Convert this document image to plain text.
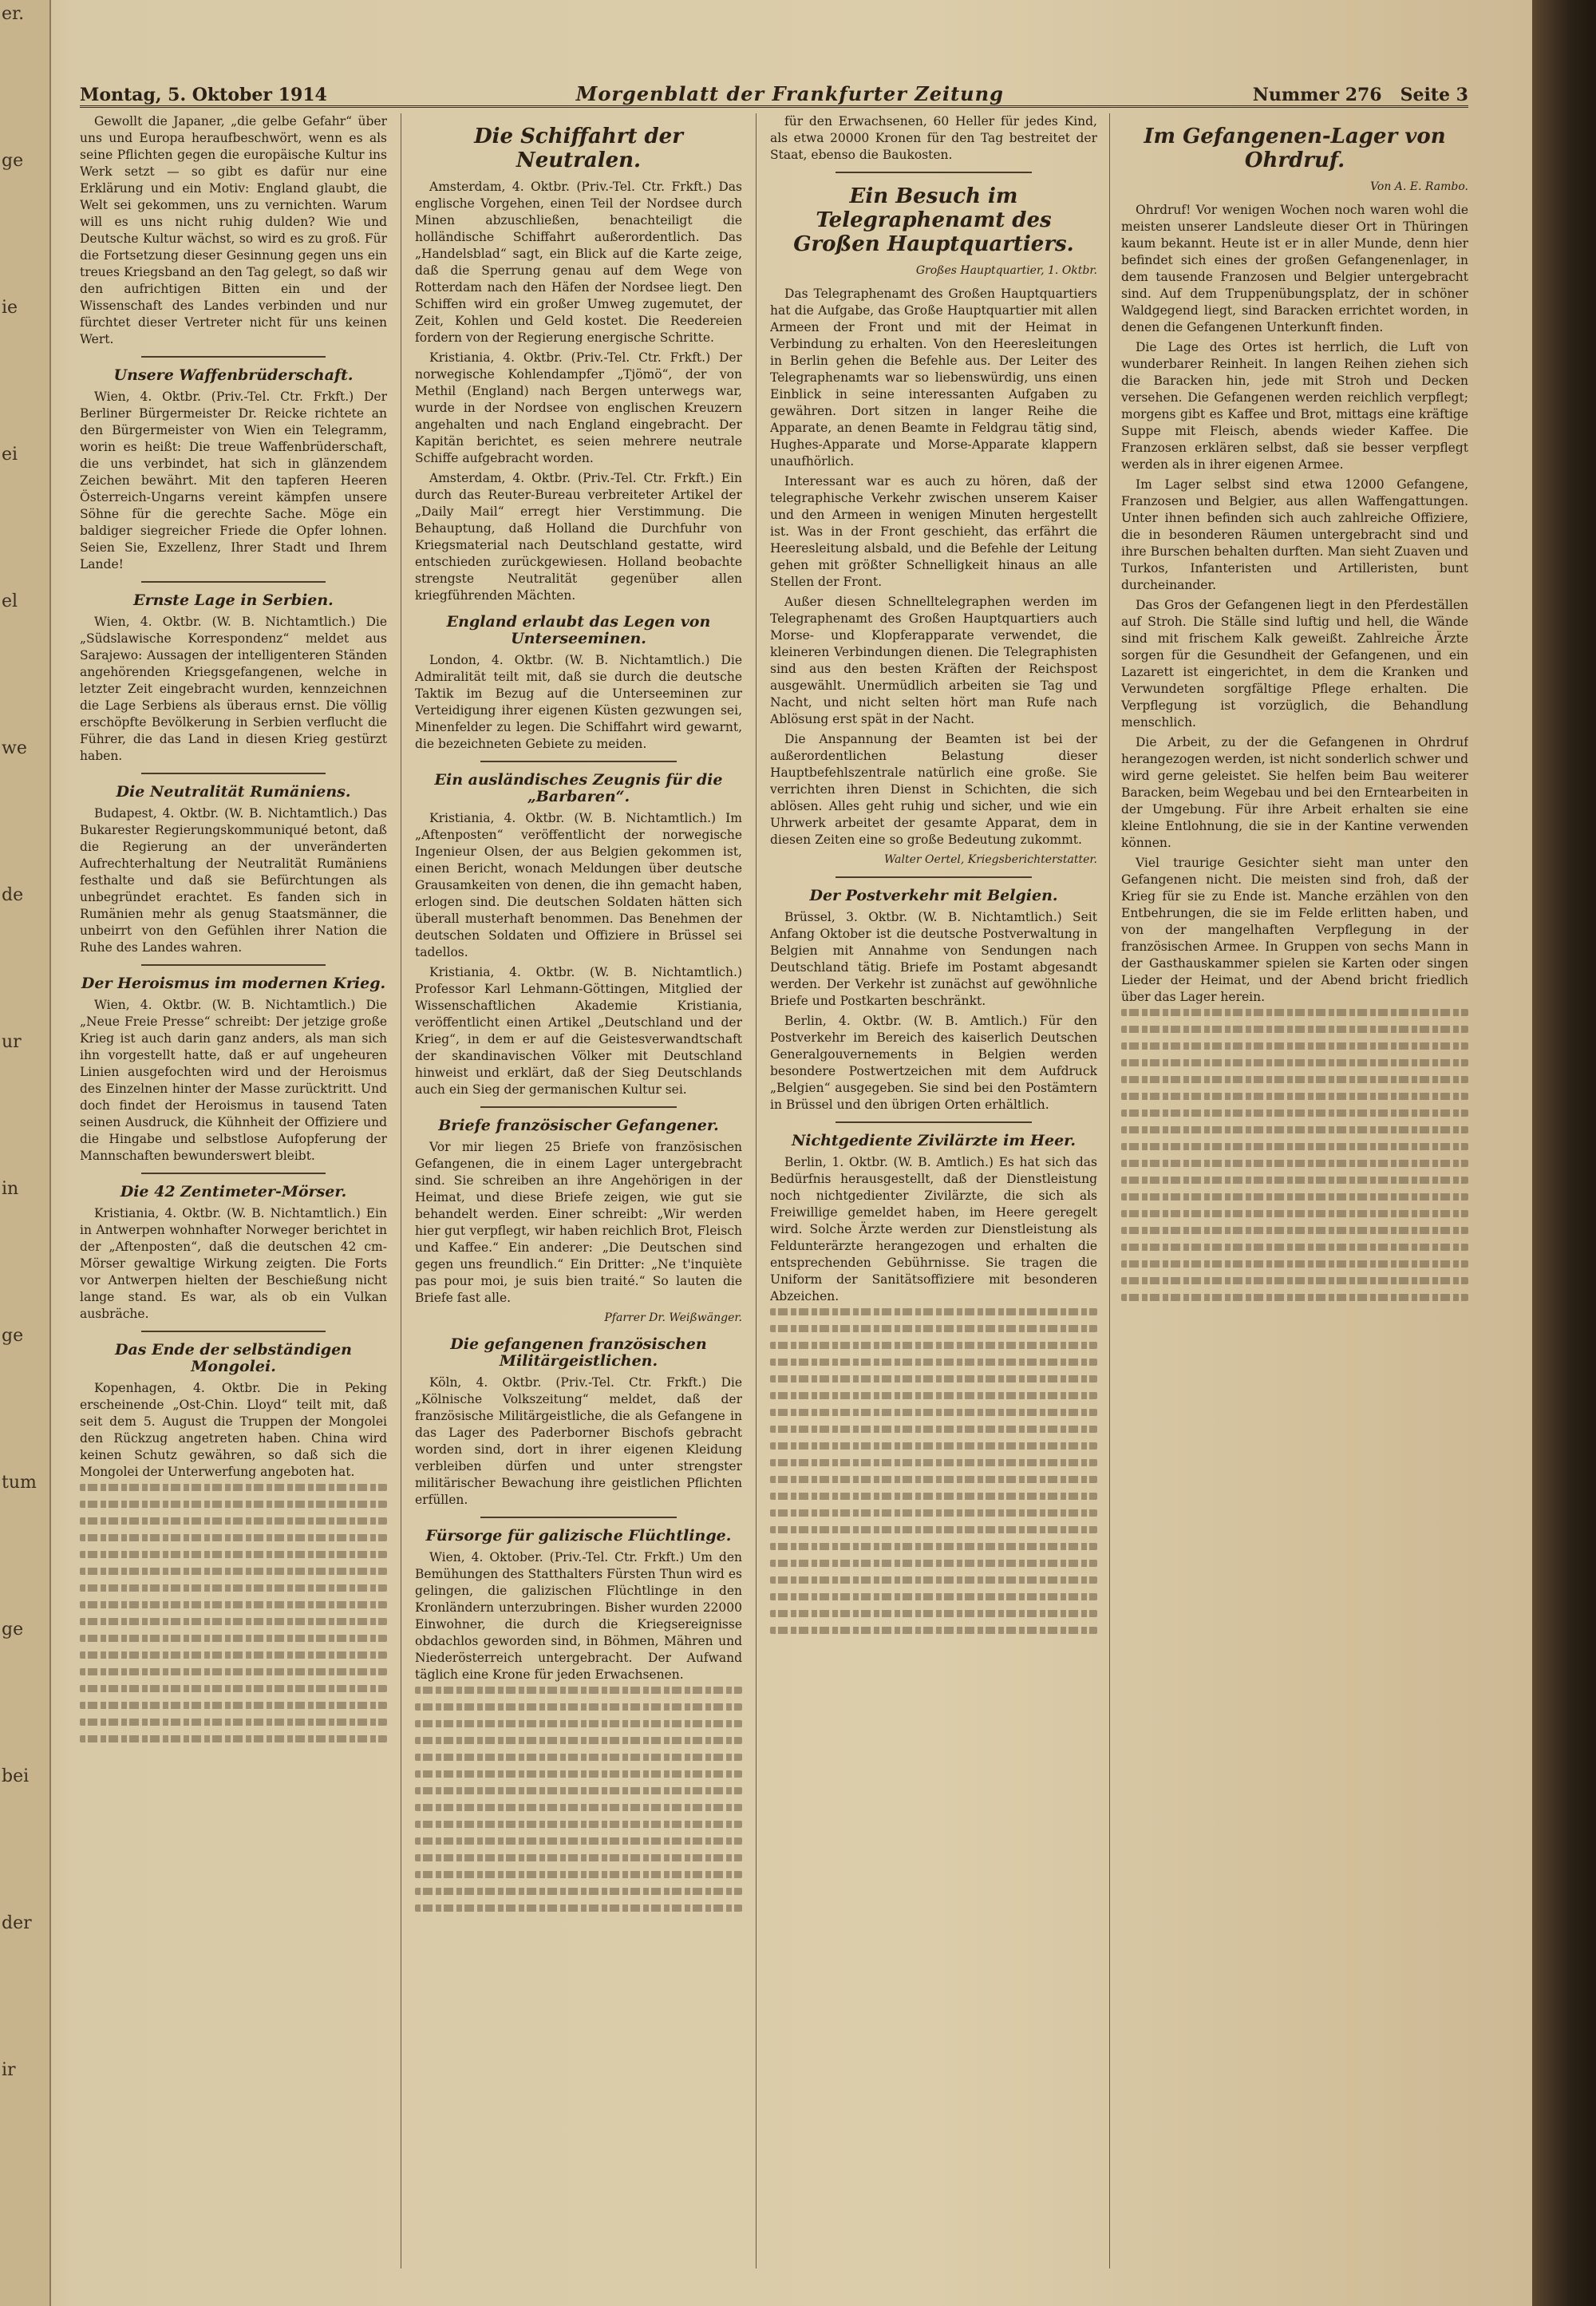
er.
ge
ie
ei
el
we
de
ur
in
ge
tum
ge
bei
der
ir
Montag, 5. Oktober 1914	Morgenblatt der Frankfurter Zeitung	Nummer 276 Seite 3

Gewollt die Japaner, „die gelbe Gefahr“ über uns und Europa heraufbeschwört, wenn es als seine Pflichten gegen die europäische Kultur ins Werk setzt — so gibt es dafür nur eine Erklärung und ein Motiv: England glaubt, die Welt sei gekommen, uns zu vernichten. Warum will es uns nicht ruhig dulden? Wie und Deutsche Kultur wächst, so wird es zu groß. Für die Fortsetzung dieser Gesinnung gegen uns ein treues Kriegsband an den Tag gelegt, so daß wir den aufrichtigen Bitten ein und der Wissenschaft des Landes verbinden und nur fürchtet dieser Vertreter nicht für uns keinen Wert.

Unsere Waffenbrüderschaft.

Wien, 4. Oktbr. (Priv.-Tel. Ctr. Frkft.) Der Berliner Bürgermeister Dr. Reicke richtete an den Bürgermeister von Wien ein Telegramm, worin es heißt: Die treue Waffenbrüderschaft, die uns verbindet, hat sich in glänzendem Zeichen bewährt. Mit den tapferen Heeren Österreich-Ungarns vereint kämpfen unsere Söhne für die gerechte Sache. Möge ein baldiger siegreicher Friede die Opfer lohnen. Seien Sie, Exzellenz, Ihrer Stadt und Ihrem Lande!

Ernste Lage in Serbien.

Wien, 4. Oktbr. (W. B. Nichtamtlich.) Die „Südslawische Korrespondenz“ meldet aus Sarajewo: Aussagen der intelligenteren Ständen angehörenden Kriegsgefangenen, welche in letzter Zeit eingebracht wurden, kennzeichnen die Lage Serbiens als überaus ernst. Die völlig erschöpfte Bevölkerung in Serbien verflucht die Führer, die das Land in diesen Krieg gestürzt haben.

Die Neutralität Rumäniens.

Budapest, 4. Oktbr. (W. B. Nichtamtlich.) Das Bukarester Regierungskommuniqué betont, daß die Regierung an der unveränderten Aufrechterhaltung der Neutralität Rumäniens festhalte und daß sie Befürchtungen als unbegründet erachtet. Es fanden sich in Rumänien mehr als genug Staatsmänner, die unbeirrt von den Gefühlen ihrer Nation die Ruhe des Landes wahren.

Der Heroismus im modernen Krieg.

Wien, 4. Oktbr. (W. B. Nichtamtlich.) Die „Neue Freie Presse“ schreibt: Der jetzige große Krieg ist auch darin ganz anders, als man sich ihn vorgestellt hatte, daß er auf ungeheuren Linien ausgefochten wird und der Heroismus des Einzelnen hinter der Masse zurücktritt. Und doch findet der Heroismus in tausend Taten seinen Ausdruck, die Kühnheit der Offiziere und die Hingabe und selbstlose Aufopferung der Mannschaften bewunderswert bleibt.

Die 42 Zentimeter-Mörser.

Kristiania, 4. Oktbr. (W. B. Nichtamtlich.) Ein in Antwerpen wohnhafter Norweger berichtet in der „Aftenposten“, daß die deutschen 42 cm-Mörser gewaltige Wirkung zeigten. Die Forts vor Antwerpen hielten der Beschießung nicht lange stand. Es war, als ob ein Vulkan ausbräche.

Das Ende der selbständigen Mongolei.

Kopenhagen, 4. Oktbr. Die in Peking erscheinende „Ost-Chin. Lloyd“ teilt mit, daß seit dem 5. August die Truppen der Mongolei den Rückzug angetreten haben. China wird keinen Schutz gewähren, so daß sich die Mongolei der Unterwerfung angeboten hat.

Die Schiffahrt der Neutralen.

Amsterdam, 4. Oktbr. (Priv.-Tel. Ctr. Frkft.) Das englische Vorgehen, einen Teil der Nordsee durch Minen abzuschließen, benachteiligt die holländische Schiffahrt außerordentlich. Das „Handelsblad“ sagt, ein Blick auf die Karte zeige, daß die Sperrung genau auf dem Wege von Rotterdam nach den Häfen der Nordsee liegt. Den Schiffen wird ein großer Umweg zugemutet, der Zeit, Kohlen und Geld kostet. Die Reedereien fordern von der Regierung energische Schritte.

Kristiania, 4. Oktbr. (Priv.-Tel. Ctr. Frkft.) Der norwegische Kohlendampfer „Tjömö“, der von Methil (England) nach Bergen unterwegs war, wurde in der Nordsee von englischen Kreuzern angehalten und nach England eingebracht. Der Kapitän berichtet, es seien mehrere neutrale Schiffe aufgebracht worden.

Amsterdam, 4. Oktbr. (Priv.-Tel. Ctr. Frkft.) Ein durch das Reuter-Bureau verbreiteter Artikel der „Daily Mail“ erregt hier Verstimmung. Die Behauptung, daß Holland die Durchfuhr von Kriegsmaterial nach Deutschland gestatte, wird entschieden zurückgewiesen. Holland beobachte strengste Neutralität gegenüber allen kriegführenden Mächten.

England erlaubt das Legen von Unterseeminen.

London, 4. Oktbr. (W. B. Nichtamtlich.) Die Admiralität teilt mit, daß sie durch die deutsche Taktik im Bezug auf die Unterseeminen zur Verteidigung ihrer eigenen Küsten gezwungen sei, Minenfelder zu legen. Die Schiffahrt wird gewarnt, die bezeichneten Gebiete zu meiden.

Ein ausländisches Zeugnis für die „Barbaren“.

Kristiania, 4. Oktbr. (W. B. Nichtamtlich.) Im „Aftenposten“ veröffentlicht der norwegische Ingenieur Olsen, der aus Belgien gekommen ist, einen Bericht, wonach Meldungen über deutsche Grausamkeiten von denen, die ihn gemacht haben, erlogen sind. Die deutschen Soldaten hätten sich überall musterhaft benommen. Das Benehmen der deutschen Soldaten und Offiziere in Brüssel sei tadellos.

Kristiania, 4. Oktbr. (W. B. Nichtamtlich.) Professor Karl Lehmann-Göttingen, Mitglied der Wissenschaftlichen Akademie Kristiania, veröffentlicht einen Artikel „Deutschland und der Krieg“, in dem er auf die Geistesverwandtschaft der skandinavischen Völker mit Deutschland hinweist und erklärt, daß der Sieg Deutschlands auch ein Sieg der germanischen Kultur sei.

Briefe französischer Gefangener.

Vor mir liegen 25 Briefe von französischen Gefangenen, die in einem Lager untergebracht sind. Sie schreiben an ihre Angehörigen in der Heimat, und diese Briefe zeigen, wie gut sie behandelt werden. Einer schreibt: „Wir werden hier gut verpflegt, wir haben reichlich Brot, Fleisch und Kaffee.“ Ein anderer: „Die Deutschen sind gegen uns freundlich.“ Ein Dritter: „Ne t'inquiète pas pour moi, je suis bien traité.“ So lauten die Briefe fast alle.

Pfarrer Dr. Weißwänger.
Die gefangenen französischen Militärgeistlichen.

Köln, 4. Oktbr. (Priv.-Tel. Ctr. Frkft.) Die „Kölnische Volkszeitung“ meldet, daß der französische Militärgeistliche, die als Gefangene in das Lager des Paderborner Bischofs gebracht worden sind, dort in ihrer eigenen Kleidung verbleiben dürfen und unter strengster militärischer Bewachung ihre geistlichen Pflichten erfüllen.

Fürsorge für galizische Flüchtlinge.

Wien, 4. Oktober. (Priv.-Tel. Ctr. Frkft.) Um den Bemühungen des Statthalters Fürsten Thun wird es gelingen, die galizischen Flüchtlinge in den Kronländern unterzubringen. Bisher wurden 22000 Einwohner, die durch die Kriegsereignisse obdachlos geworden sind, in Böhmen, Mähren und Niederösterreich untergebracht. Der Aufwand täglich eine Krone für jeden Erwachsenen.

für den Erwachsenen, 60 Heller für jedes Kind, als etwa 20000 Kronen für den Tag bestreitet der Staat, ebenso die Baukosten.

Ein Besuch im Telegraphenamt des Großen Hauptquartiers.
Großes Hauptquartier, 1. Oktbr.

Das Telegraphenamt des Großen Hauptquartiers hat die Aufgabe, das Große Hauptquartier mit allen Armeen der Front und mit der Heimat in Verbindung zu erhalten. Von den Heeresleitungen in Berlin gehen die Befehle aus. Der Leiter des Telegraphenamts war so liebenswürdig, uns einen Einblick in seine interessanten Aufgaben zu gewähren. Dort sitzen in langer Reihe die Apparate, an denen Beamte in Feldgrau tätig sind, Hughes-Apparate und Morse-Apparate klappern unaufhörlich.

Interessant war es auch zu hören, daß der telegraphische Verkehr zwischen unserem Kaiser und den Armeen in wenigen Minuten hergestellt ist. Was in der Front geschieht, das erfährt die Heeresleitung alsbald, und die Befehle der Leitung gehen mit größter Schnelligkeit hinaus an alle Stellen der Front.

Außer diesen Schnelltelegraphen werden im Telegraphenamt des Großen Hauptquartiers auch Morse- und Klopferapparate verwendet, die kleineren Verbindungen dienen. Die Telegraphisten sind aus den besten Kräften der Reichspost ausgewählt. Unermüdlich arbeiten sie Tag und Nacht, und nicht selten hört man Rufe nach Ablösung erst spät in der Nacht.

Die Anspannung der Beamten ist bei der außerordentlichen Belastung dieser Hauptbefehlszentrale natürlich eine große. Sie verrichten ihren Dienst in Schichten, die sich ablösen. Alles geht ruhig und sicher, und wie ein Uhrwerk arbeitet der gesamte Apparat, dem in diesen Zeiten eine so große Bedeutung zukommt.

Walter Oertel, Kriegsberichterstatter.
Der Postverkehr mit Belgien.

Brüssel, 3. Oktbr. (W. B. Nichtamtlich.) Seit Anfang Oktober ist die deutsche Postverwaltung in Belgien mit Annahme von Sendungen nach Deutschland tätig. Briefe im Postamt abgesandt werden. Der Verkehr ist zunächst auf gewöhnliche Briefe und Postkarten beschränkt.

Berlin, 4. Oktbr. (W. B. Amtlich.) Für den Postverkehr im Bereich des kaiserlich Deutschen Generalgouvernements in Belgien werden besondere Postwertzeichen mit dem Aufdruck „Belgien“ ausgegeben. Sie sind bei den Postämtern in Brüssel und den übrigen Orten erhältlich.

Nichtgediente Zivilärzte im Heer.

Berlin, 1. Oktbr. (W. B. Amtlich.) Es hat sich das Bedürfnis herausgestellt, daß der Dienstleistung noch nichtgedienter Zivilärzte, die sich als Freiwillige gemeldet haben, im Heere geregelt wird. Solche Ärzte werden zur Dienstleistung als Feldunterärzte herangezogen und erhalten die entsprechenden Gebührnisse. Sie tragen die Uniform der Sanitätsoffiziere mit besonderen Abzeichen.

Im Gefangenen-Lager von Ohrdruf.
Von A. E. Rambo.

Ohrdruf! Vor wenigen Wochen noch waren wohl die meisten unserer Landsleute dieser Ort in Thüringen kaum bekannt. Heute ist er in aller Munde, denn hier befindet sich eines der großen Gefangenenlager, in dem tausende Franzosen und Belgier untergebracht sind. Auf dem Truppenübungsplatz, der in schöner Waldgegend liegt, sind Baracken errichtet worden, in denen die Gefangenen Unterkunft finden.

Die Lage des Ortes ist herrlich, die Luft von wunderbarer Reinheit. In langen Reihen ziehen sich die Baracken hin, jede mit Stroh und Decken versehen. Die Gefangenen werden reichlich verpflegt; morgens gibt es Kaffee und Brot, mittags eine kräftige Suppe mit Fleisch, abends wieder Kaffee. Die Franzosen erklären selbst, daß sie besser verpflegt werden als in ihrer eigenen Armee.

Im Lager selbst sind etwa 12000 Gefangene, Franzosen und Belgier, aus allen Waffengattungen. Unter ihnen befinden sich auch zahlreiche Offiziere, die in besonderen Räumen untergebracht sind und ihre Burschen behalten durften. Man sieht Zuaven und Turkos, Infanteristen und Artilleristen, bunt durcheinander.

Das Gros der Gefangenen liegt in den Pferdeställen auf Stroh. Die Ställe sind luftig und hell, die Wände sind mit frischem Kalk geweißt. Zahlreiche Ärzte sorgen für die Gesundheit der Gefangenen, und ein Lazarett ist eingerichtet, in dem die Kranken und Verwundeten sorgfältige Pflege erhalten. Die Verpflegung ist vorzüglich, die Behandlung menschlich.

Die Arbeit, zu der die Gefangenen in Ohrdruf herangezogen werden, ist nicht sonderlich schwer und wird gerne geleistet. Sie helfen beim Bau weiterer Baracken, beim Wegebau und bei den Erntearbeiten in der Umgebung. Für ihre Arbeit erhalten sie eine kleine Entlohnung, die sie in der Kantine verwenden können.

Viel traurige Gesichter sieht man unter den Gefangenen nicht. Die meisten sind froh, daß der Krieg für sie zu Ende ist. Manche erzählen von den Entbehrungen, die sie im Felde erlitten haben, und von der mangelhaften Verpflegung in der französischen Armee. In Gruppen von sechs Mann in der Gasthauskammer spielen sie Karten oder singen Lieder der Heimat, und der Abend bricht friedlich über das Lager herein.
